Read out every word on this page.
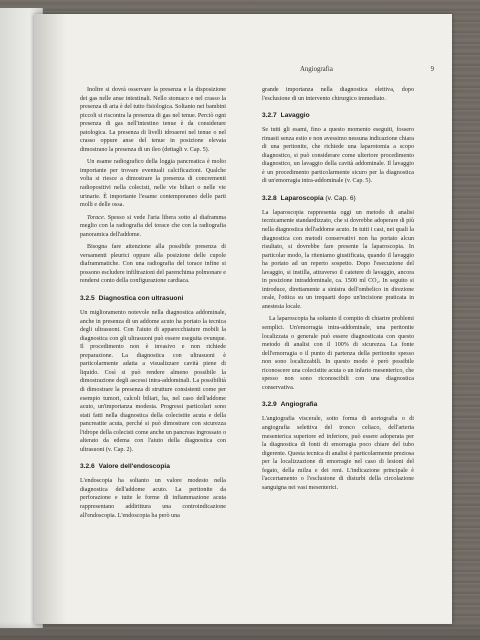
Angiografia	9

Inoltre si dovrà osservare la presenza e la disposizione dei gas nelle anse intestinali. Nello stomaco e nel crasso la presenza di aria è del tutto fisiologica. Soltanto nei bambini piccoli si riscontra la presenza di gas nel tenue. Perciò ogni presenza di gas nell'intestino tenue è da considerare patologica. La presenza di livelli idroaerei nel tenue o nel crasso oppure anse del tenue in posizione elevata dimostrano la presenza di un ileo (dettagli v. Cap. 5).

Un esame radiografico della loggia pancreatica è molto importante per trovare eventuali calcificazioni. Qualche volta si riesce a dimostrare la presenza di concrementi radiopositivi nella colecisti, nelle vie biliari o nelle vie urinarie. È importante l'esame contemporaneo delle parti molli e delle ossa.

Torace. Spesso si vede l'aria libera sotto al diaframma meglio con la radiografia del torace che con la radiografia panoramica dell'addome.

Bisogna fare attenzione alla possibile presenza di versamenti pleurici oppure alla posizione delle cupole diaframmatiche. Con una radiografia del torace infine si possono escludere infiltrazioni del parenchima polmonare e rendersi conto della configurazione cardiaca.

3.2.5 Diagnostica con ultrasuoni

Un miglioramento notevole nella diagnostica addominale, anche in presenza di un addome acuto ha portato la tecnica degli ultrasuoni. Con l'aiuto di apparecchiature mobili la diagnostica con gli ultrasuoni può essere eseguita ovunque. Il procedimento non è invasivo e non richiede preparazione. La diagnostica con ultrasuoni è particolarmente adatta a visualizzare cavità piene di liquido. Così si può rendere almeno possibile la dimostrazione degli ascessi intra-addominali. La possibilità di dimostrare la presenza di strutture consistenti come per esempio tumori, calcoli biliari, ha, nel caso dell'addome acuto, un'importanza modesta. Progressi particolari sono stati fatti nella diagnostica della colecistite acuta e della pancreatite acuta, perché si può dimostrare con sicurezza l'idrope della colecisti come anche un pancreas ingrossato o alterato da edema con l'aiuto della diagnostica con ultrasuoni (v. Cap. 2).

3.2.6 Valore dell'endoscopia

L'endoscopia ha soltanto un valore modesto nella diagnostica dell'addome acuto. La peritonite da perforazione e tutte le forme di infiammazione acuta rappresentano addirittura una controindicazione all'endoscopia. L'endoscopia ha però una

grande importanza nella diagnostica elettiva, dopo l'esclusione di un intervento chirurgico immediato.

3.2.7 Lavaggio

Se tutti gli esami, fino a questo momento eseguiti, fossero rimasti senza esito e non avessimo nessuna indicazione chiara di una peritonite, che richiede una laparotomia a scopo diagnostico, si può considerare come ulteriore procedimento diagnostico, un lavaggio della cavità addominale. Il lavaggio è un procedimento particolarmente sicuro per la diagnostica di un'emorragia intra-addominale (v. Cap. 5).

3.2.8 Laparoscopia (v. Cap. 6)

La laparoscopia rappresenta oggi un metodo di analisi tecnicamente standardizzato, che si dovrebbe adoperare di più nella diagnostica dell'addome acuto. In tutti i casi, nei quali la diagnostica con metodi conservativi non ha portato alcun risultato, si dovrebbe fare presente la laparoscopia. In particolar modo, la riteniamo giustificata, quando il lavaggio ha portato ad un reperto sospetto. Dopo l'esecuzione del lavaggio, si instilla, attraverso il catetere di lavaggio, ancora in posizione intraddominale, ca. 1500 ml CO₂. In seguito si introduce, direttamente a sinistra dell'ombelico in direzione orale, l'ottica su un trequarti dopo un'incisione praticata in anestesia locale.

La laparoscopia ha soltanto il compito di chiarire problemi semplici. Un'emorragia intra-addominale, una peritonite localizzata o generale può essere diagnosticata con questo metodo di analisi con il 100% di sicurezza. La fonte dell'emorragia o il punto di partenza della peritonite spesso non sono localizzabili. In questo modo è però possibile riconoscere una colecistite acuta o un infarto mesenterico, che spesso non sono riconoscibili con una diagnostica conservativa.

3.2.9 Angiografia

L'angiografia viscerale, sotto forma di aortografia o di angiografia selettiva del tronco celiaco, dell'arteria mesenterica superiore ed inferiore, può essere adoperata per la diagnostica di fonti di emorragia poco chiare del tubo digerente. Questa tecnica di analisi è particolarmente preziosa per la localizzazione di emorragie nel caso di lesioni del fegato, della milza e dei reni. L'indicazione principale è l'accertamento o l'esclusione di disturbi della circolazione sanguigna nei vasi mesenterici.
